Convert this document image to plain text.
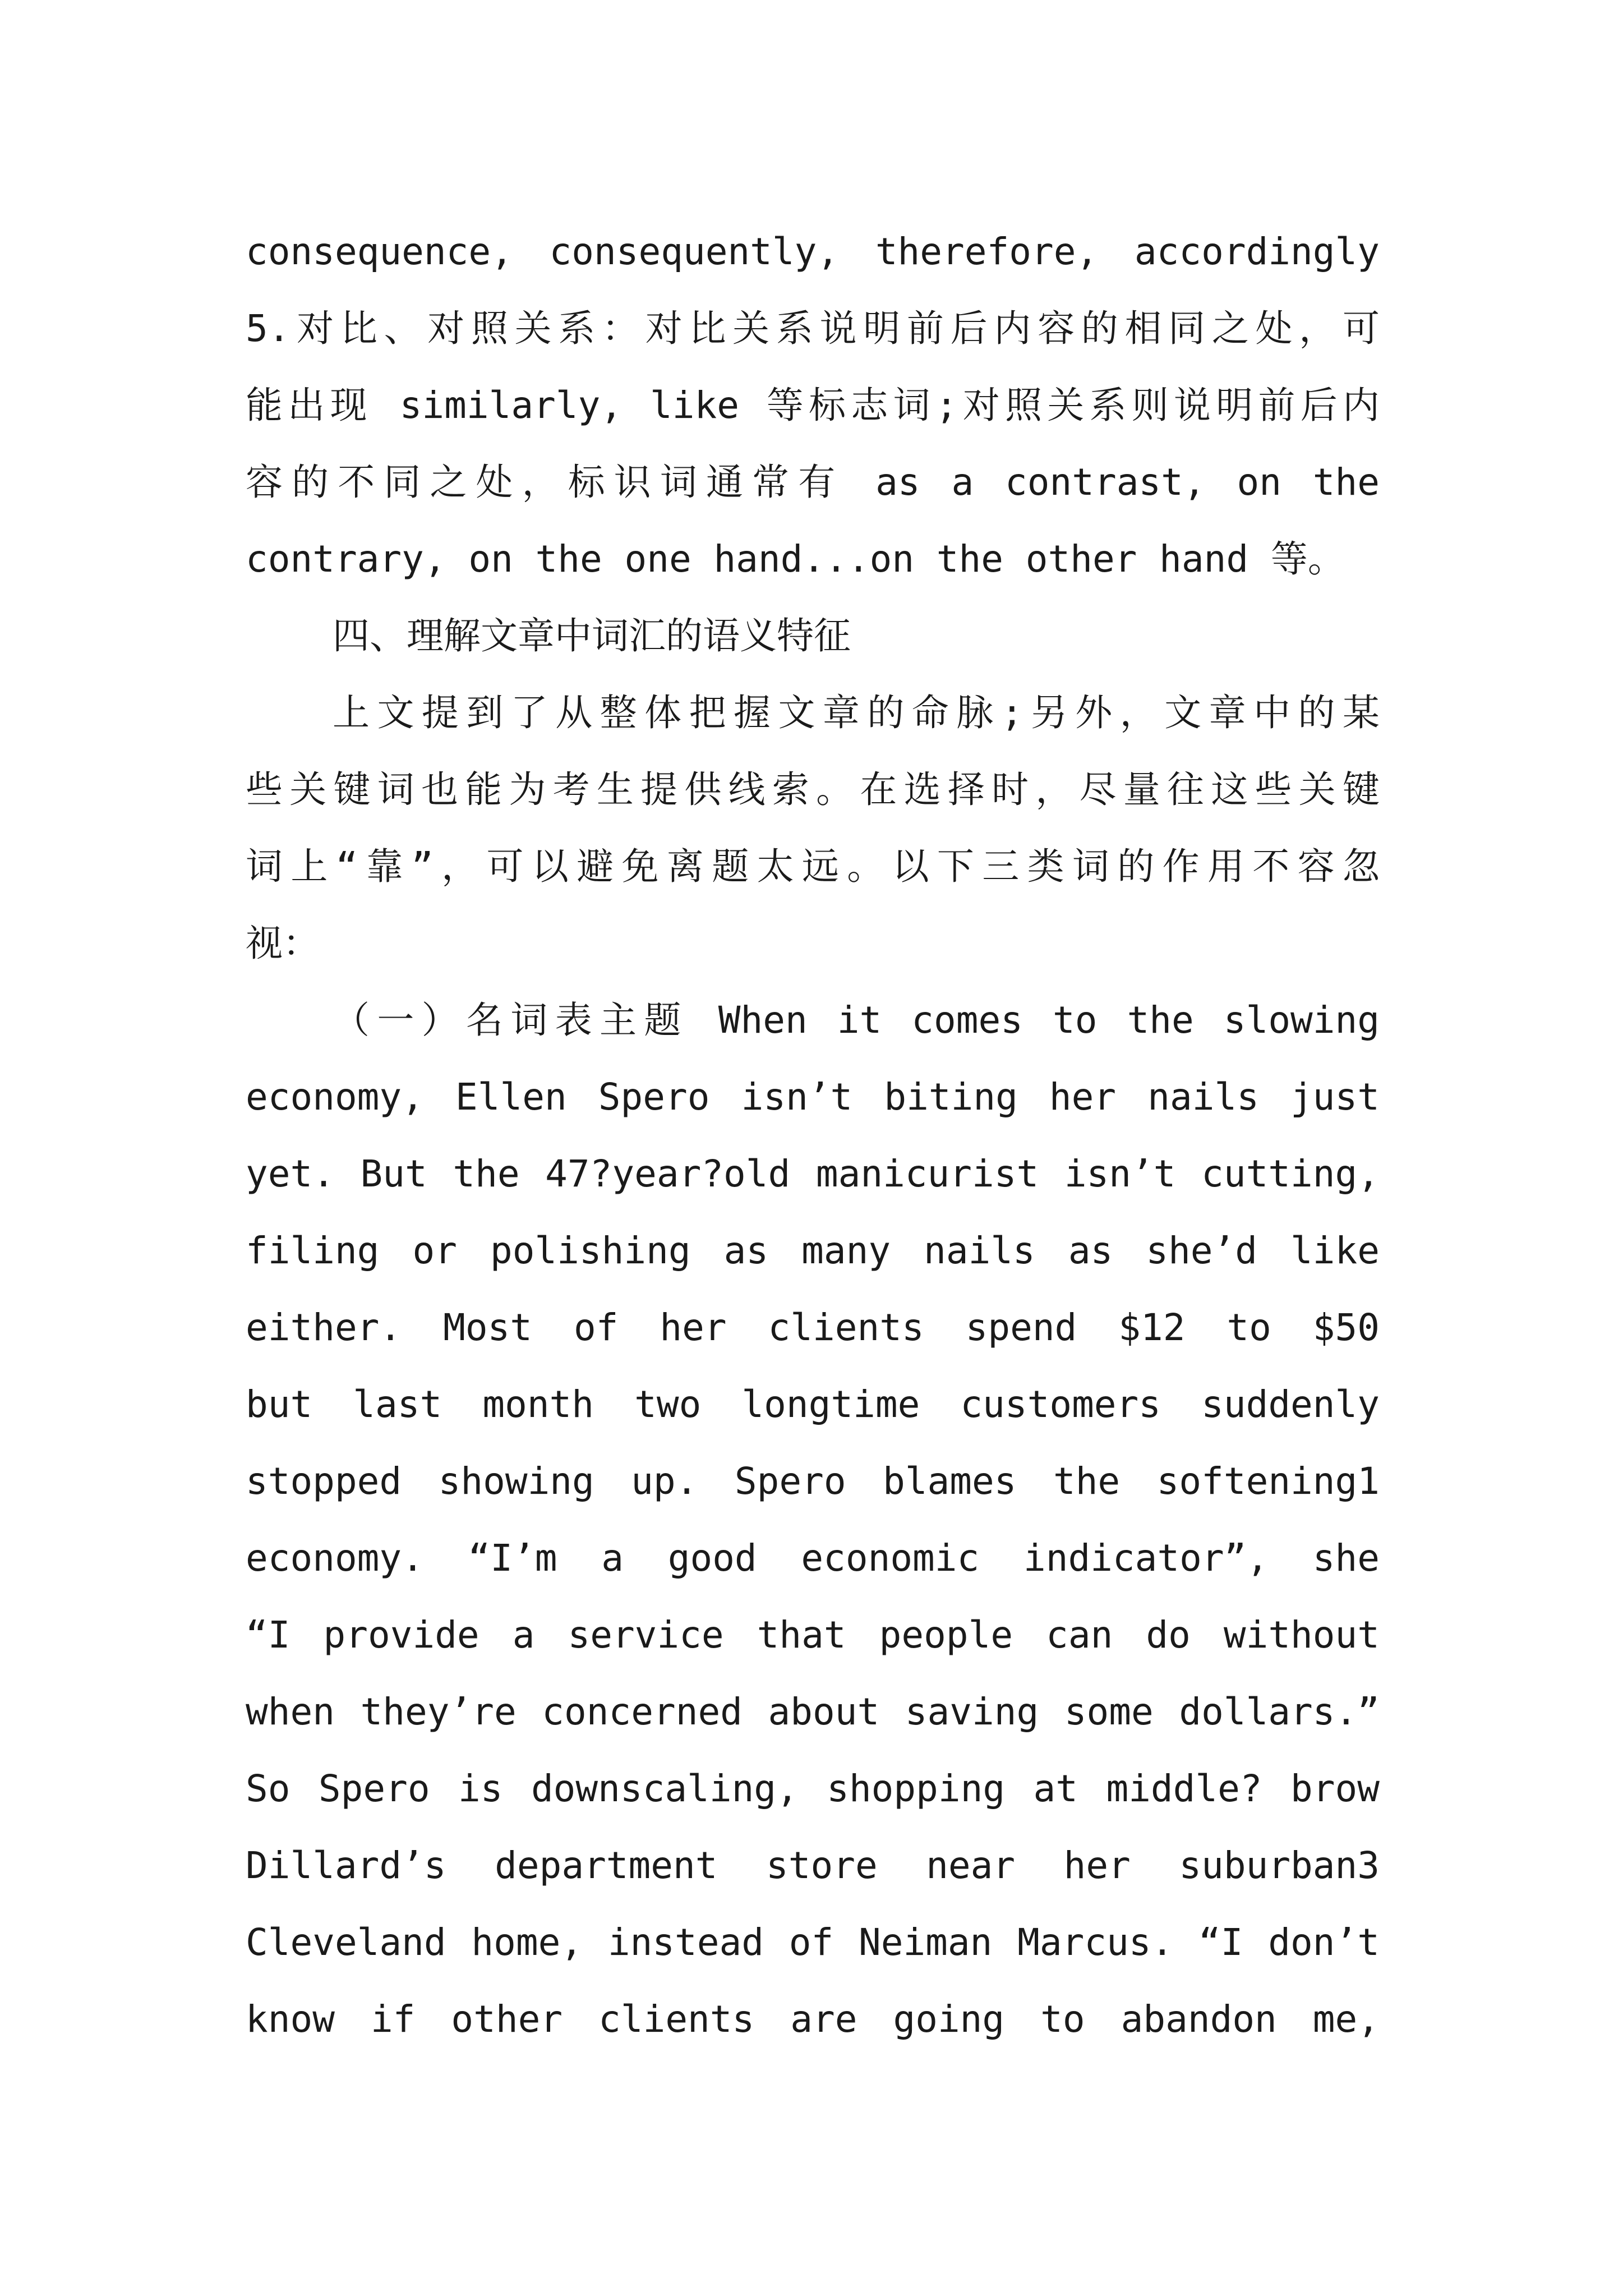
consequence, consequently, therefore, accordingly
5.对比、对照关系：对比关系说明前后内容的相同之处，可
能出现 similarly, like 等标志词;对照关系则说明前后内
容的不同之处，标识词通常有 as a contrast, on the
contrary, on the one hand...on the other hand 等。
四、理解文章中词汇的语义特征
上文提到了从整体把握文章的命脉;另外，文章中的某
些关键词也能为考生提供线索。在选择时，尽量往这些关键
词上“靠”，可以避免离题太远。以下三类词的作用不容忽
视：
（一）名词表主题 When it comes to the slowing
economy, Ellen Spero isn’t biting her nails just
yet. But the 47?year?old manicurist isn’t cutting,
filing or polishing as many nails as she’d like
either. Most of her clients spend $12 to $50
but last month two longtime customers suddenly
stopped showing up. Spero blames the softening1
economy. “I’m a good economic indicator”, she
“I provide a service that people can do without
when they’re concerned about saving some dollars.”
So Spero is downscaling, shopping at middle? brow
Dillard’s department store near her suburban3
Cleveland home, instead of Neiman Marcus. “I don’t
know if other clients are going to abandon me,
